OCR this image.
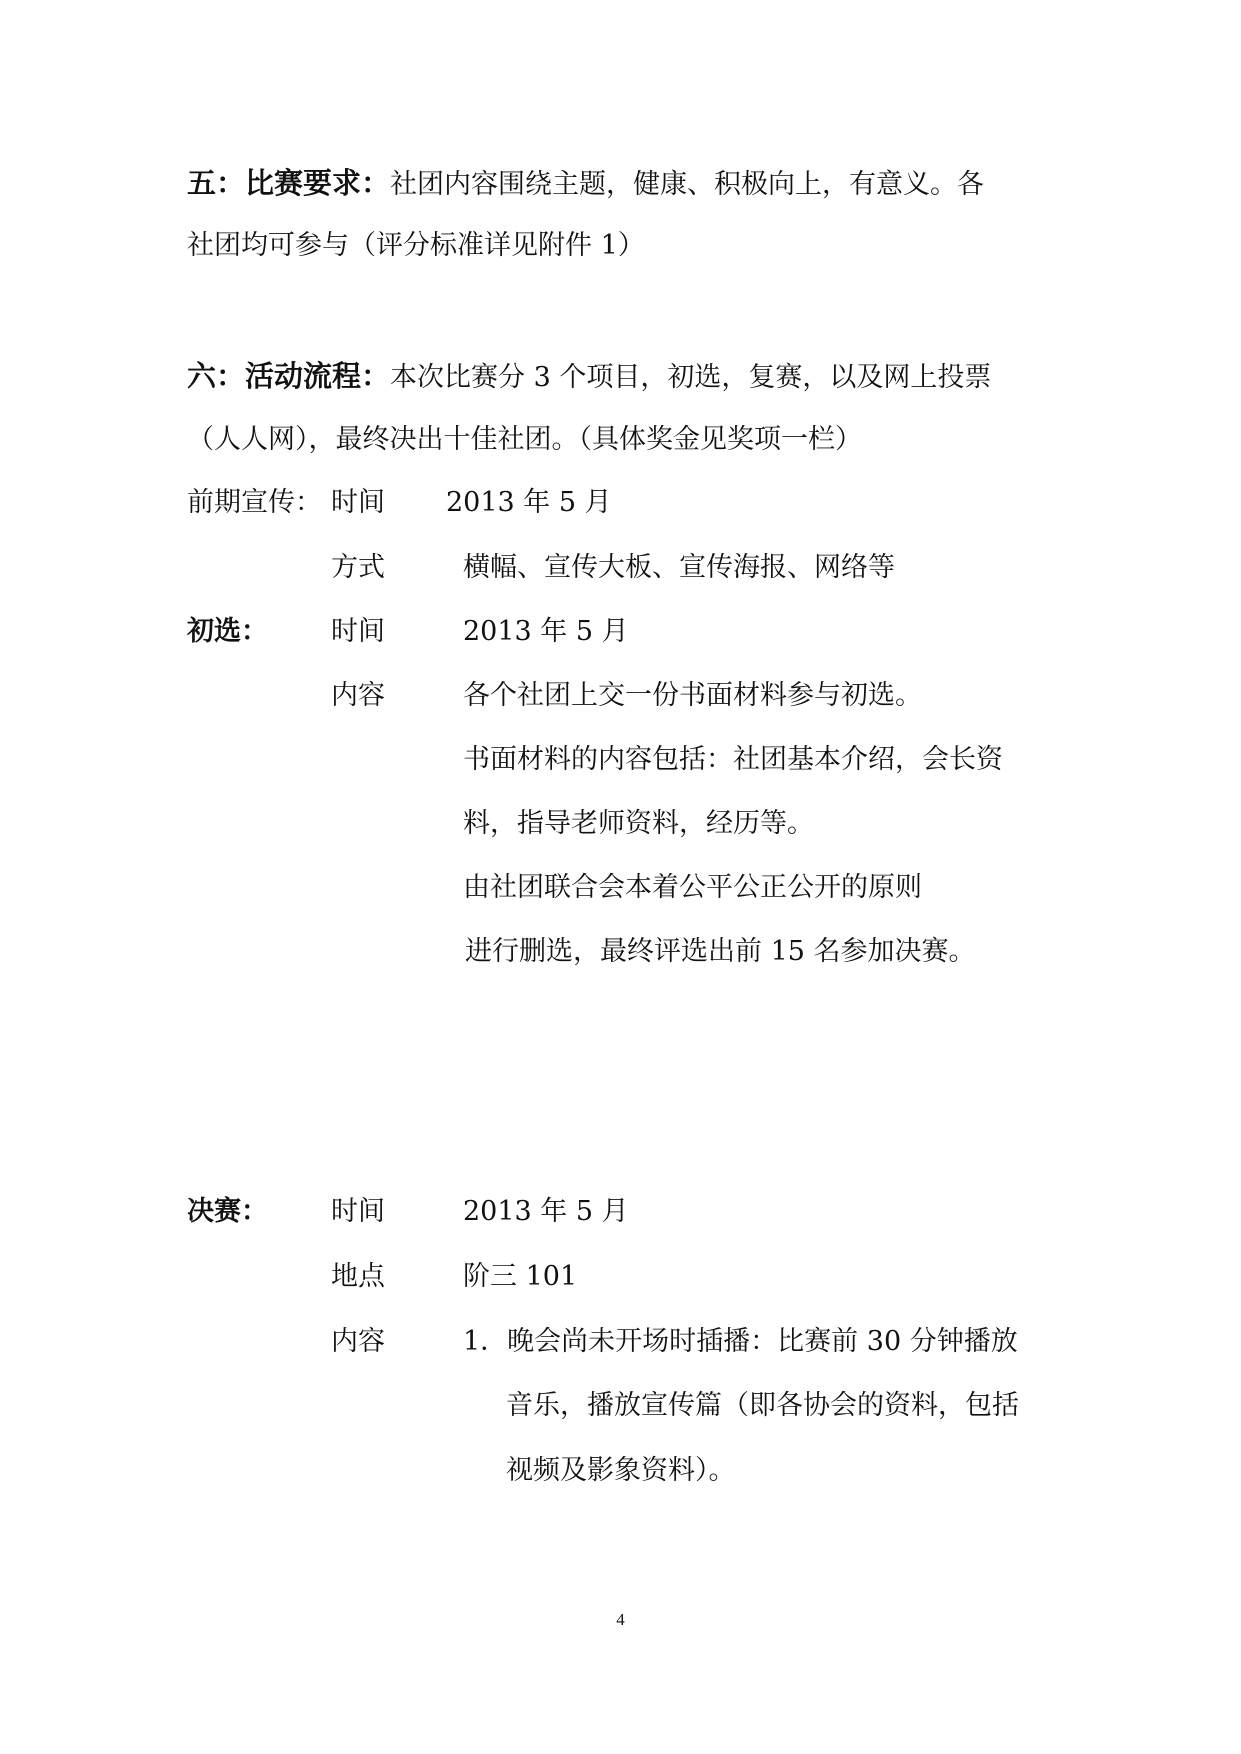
五：比赛要求：社团内容围绕主题，健康、积极向上，有意义。各
社团均可参与（评分标准详见附件 1）
六：活动流程：本次比赛分 3 个项目，初选，复赛，以及网上投票
（人人网），最终决出十佳社团。（具体奖金见奖项一栏）
前期宣传： 时间 2013 年 5 月
方式	横幅、宣传大板、宣传海报、网络等
初选： 时间	2013 年 5 月
内容	各个社团上交一份书面材料参与初选。
书面材料的内容包括：社团基本介绍，会长资
料，指导老师资料，经历等。
由社团联合会本着公平公正公开的原则
进行删选，最终评选出前 15 名参加决赛。
决赛： 时间	2013 年 5 月
地点	阶三 101
内容	1．晚会尚未开场时插播：比赛前 30 分钟播放
音乐，播放宣传篇（即各协会的资料，包括
视频及影象资料）。
4
